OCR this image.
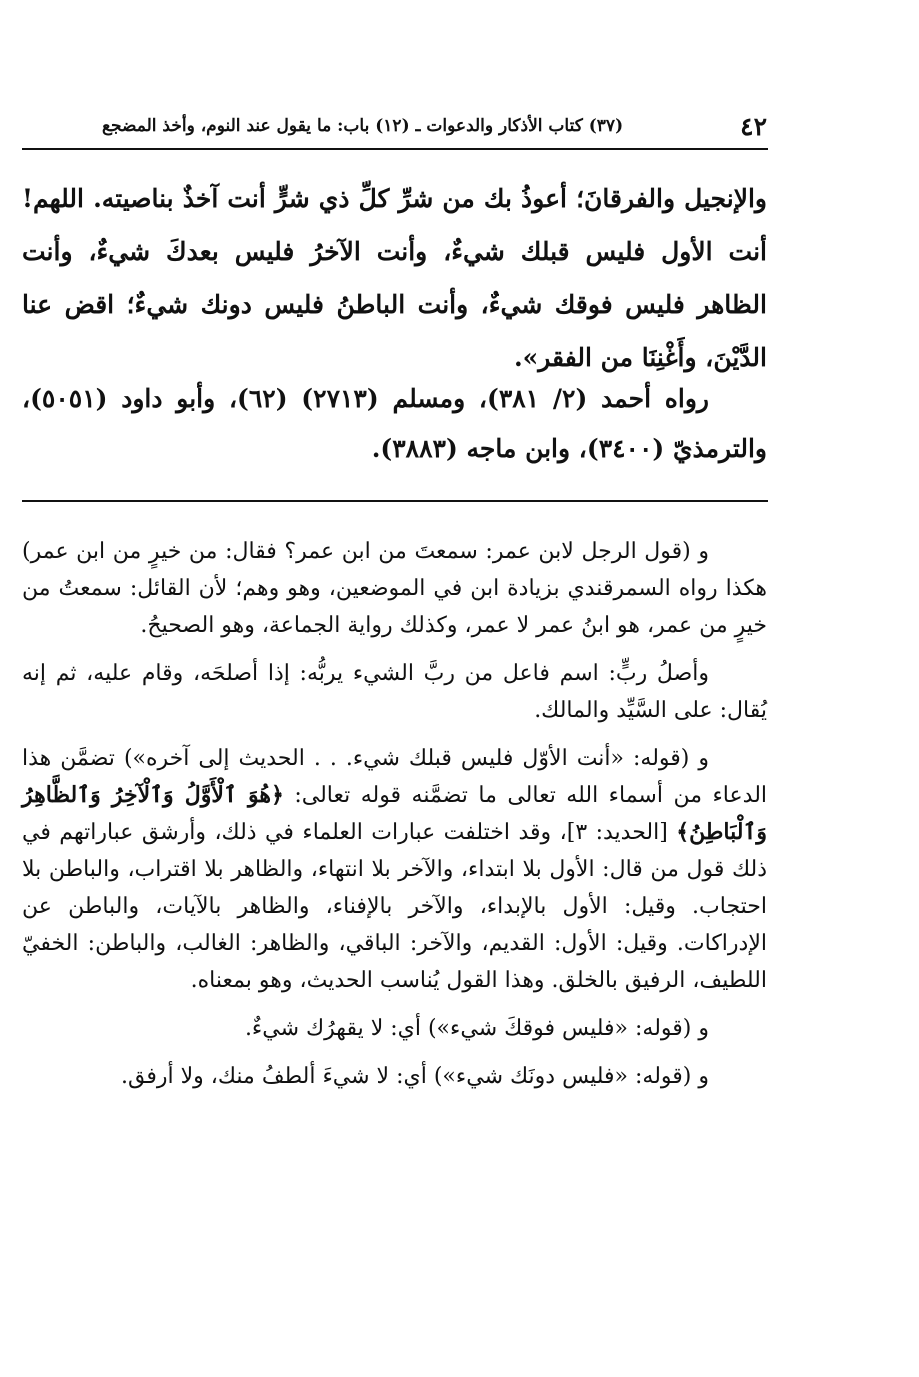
٤٢
(٣٧) كتاب الأذكار والدعوات ـ (١٢) باب: ما يقول عند النوم، وأخذ المضجع

والإنجيل والفرقانَ؛ أعوذُ بك من شرِّ كلِّ ذي شرٍّ أنت آخذٌ بناصيته. اللهم! أنت الأول فليس قبلك شيءٌ، وأنت الآخرُ فليس بعدكَ شيءٌ، وأنت الظاهر فليس فوقك شيءٌ، وأنت الباطنُ فليس دونك شيءٌ؛ اقض عنا الدَّيْنَ، وأَغْنِنَا من الفقر».

رواه أحمد (٢/ ٣٨١)، ومسلم (٢٧١٣) (٦٢)، وأبو داود (٥٠٥١)، والترمذيّ (٣٤٠٠)، وابن ماجه (٣٨٨٣).

و (قول الرجل لابن عمر: سمعتَ من ابن عمر؟ فقال: من خيرٍ من ابن عمر) هكذا رواه السمرقندي بزيادة ابن في الموضعين، وهو وهم؛ لأن القائل: سمعتُ من خيرٍ من عمر، هو ابنُ عمر لا عمر، وكذلك رواية الجماعة، وهو الصحيحُ.

وأصلُ ربٍّ: اسم فاعل من ربَّ الشيء يربُّه: إذا أصلحَه، وقام عليه، ثم إنه يُقال: على السَّيِّد والمالك.

و (قوله: «أنت الأوّل فليس قبلك شيء. . . الحديث إلى آخره») تضمَّن هذا الدعاء من أسماء الله تعالى ما تضمَّنه قوله تعالى: ﴿هُوَ ٱلْأَوَّلُ وَٱلْآخِرُ وَٱلظَّاهِرُ وَٱلْبَاطِنُ﴾ [الحديد: ٣]، وقد اختلفت عبارات العلماء في ذلك، وأرشق عباراتهم في ذلك قول من قال: الأول بلا ابتداء، والآخر بلا انتهاء، والظاهر بلا اقتراب، والباطن بلا احتجاب. وقيل: الأول بالإبداء، والآخر بالإفناء، والظاهر بالآيات، والباطن عن الإدراكات. وقيل: الأول: القديم، والآخر: الباقي، والظاهر: الغالب، والباطن: الخفيّ اللطيف، الرفيق بالخلق. وهذا القول يُناسب الحديث، وهو بمعناه.

و (قوله: «فليس فوقكَ شيء») أي: لا يقهرُك شيءٌ.

و (قوله: «فليس دونَك شيء») أي: لا شيءَ ألطفُ منك، ولا أرفق.
